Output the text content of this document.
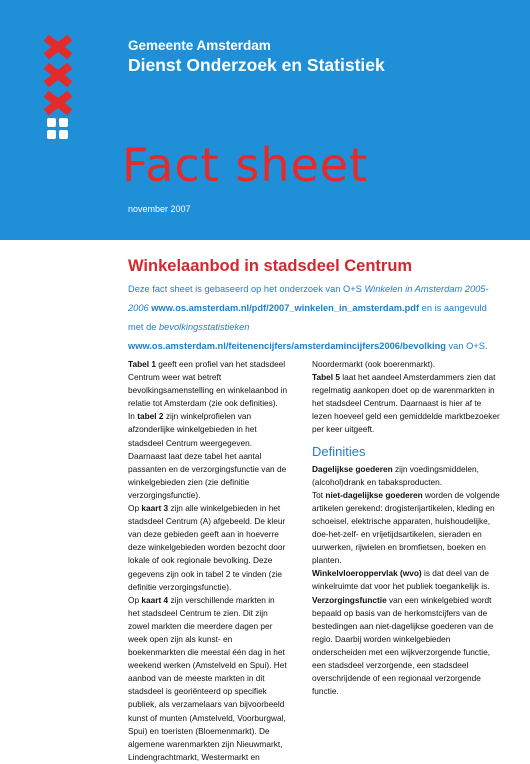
Gemeente Amsterdam
Dienst Onderzoek en Statistiek
Fact sheet
november 2007
Winkelaanbod in stadsdeel Centrum
Deze fact sheet is gebaseerd op het onderzoek van O+S Winkelen in Amsterdam 2005-2006 www.os.amsterdam.nl/pdf/2007_winkelen_in_amsterdam.pdf en is aangevuld met de bevolkingsstatistieken www.os.amsterdam.nl/feitenencijfers/amsterdamincijfers2006/bevolking van O+S.

Tabel 1 geeft een profiel van het stadsdeel Centrum weer wat betreft bevolkingsamenstelling en winkelaanbod in relatie tot Amsterdam (zie ook definities).

In tabel 2 zijn winkelprofielen van afzonderlijke winkelgebieden in het stadsdeel Centrum weergegeven. Daarnaast laat deze tabel het aantal passanten en de verzorgingsfunctie van de winkelgebieden zien (zie definitie verzorgingsfunctie).

Op kaart 3 zijn alle winkelgebieden in het stadsdeel Centrum (A) afgebeeld. De kleur van deze gebieden geeft aan in hoeverre deze winkelgebieden worden bezocht door lokale of ook regionale bevolking. Deze gegevens zijn ook in tabel 2 te vinden (zie definitie verzorgingsfunctie).

Op kaart 4 zijn verschillende markten in het stadsdeel Centrum te zien. Dit zijn zowel markten die meerdere dagen per week open zijn als kunst- en boekenmarkten die meestal één dag in het weekend werken (Amstelveld en Spui). Het aanbod van de meeste markten in dit stadsdeel is georiënteerd op specifiek publiek, als verzamelaars van bijvoorbeeld kunst of munten (Amstelveld, Voorburgwal, Spui) en toeristen (Bloemenmarkt). De algemene warenmarkten zijn Nieuwmarkt, Lindengrachtmarkt, Westermarkt en

Noordermarkt (ook boerenmarkt).

Tabel 5 laat het aandeel Amsterdammers zien dat regelmatig aankopen doet op de warenmarkten in het stadsdeel Centrum. Daarnaast is hier af te lezen hoeveel geld een gemiddelde marktbezoeker per keer uitgeeft.

Definities

Dagelijkse goederen zijn voedingsmiddelen, (alcohol)drank en tabaksproducten.

Tot niet-dagelijkse goederen worden de volgende artikelen gerekend: drogisterijartikelen, kleding en schoeisel, elektrische apparaten, huishoudelijke, doe-het-zelf- en vrijetijdsartikelen, sieraden en uurwerken, rijwielen en bromfietsen, boeken en planten.

Winkelvloeroppervlak (wvo) is dat deel van de winkelruimte dat voor het publiek toegankelijk is.

Verzorgingsfunctie van een winkelgebied wordt bepaald op basis van de herkomstcijfers van de bestedingen aan niet-dagelijkse goederen van de regio. Daarbij worden winkelgebieden onderscheiden met een wijkverzorgende functie, een stadsdeel verzorgende, een stadsdeel overschrijdende of een regionaal verzorgende functie.
